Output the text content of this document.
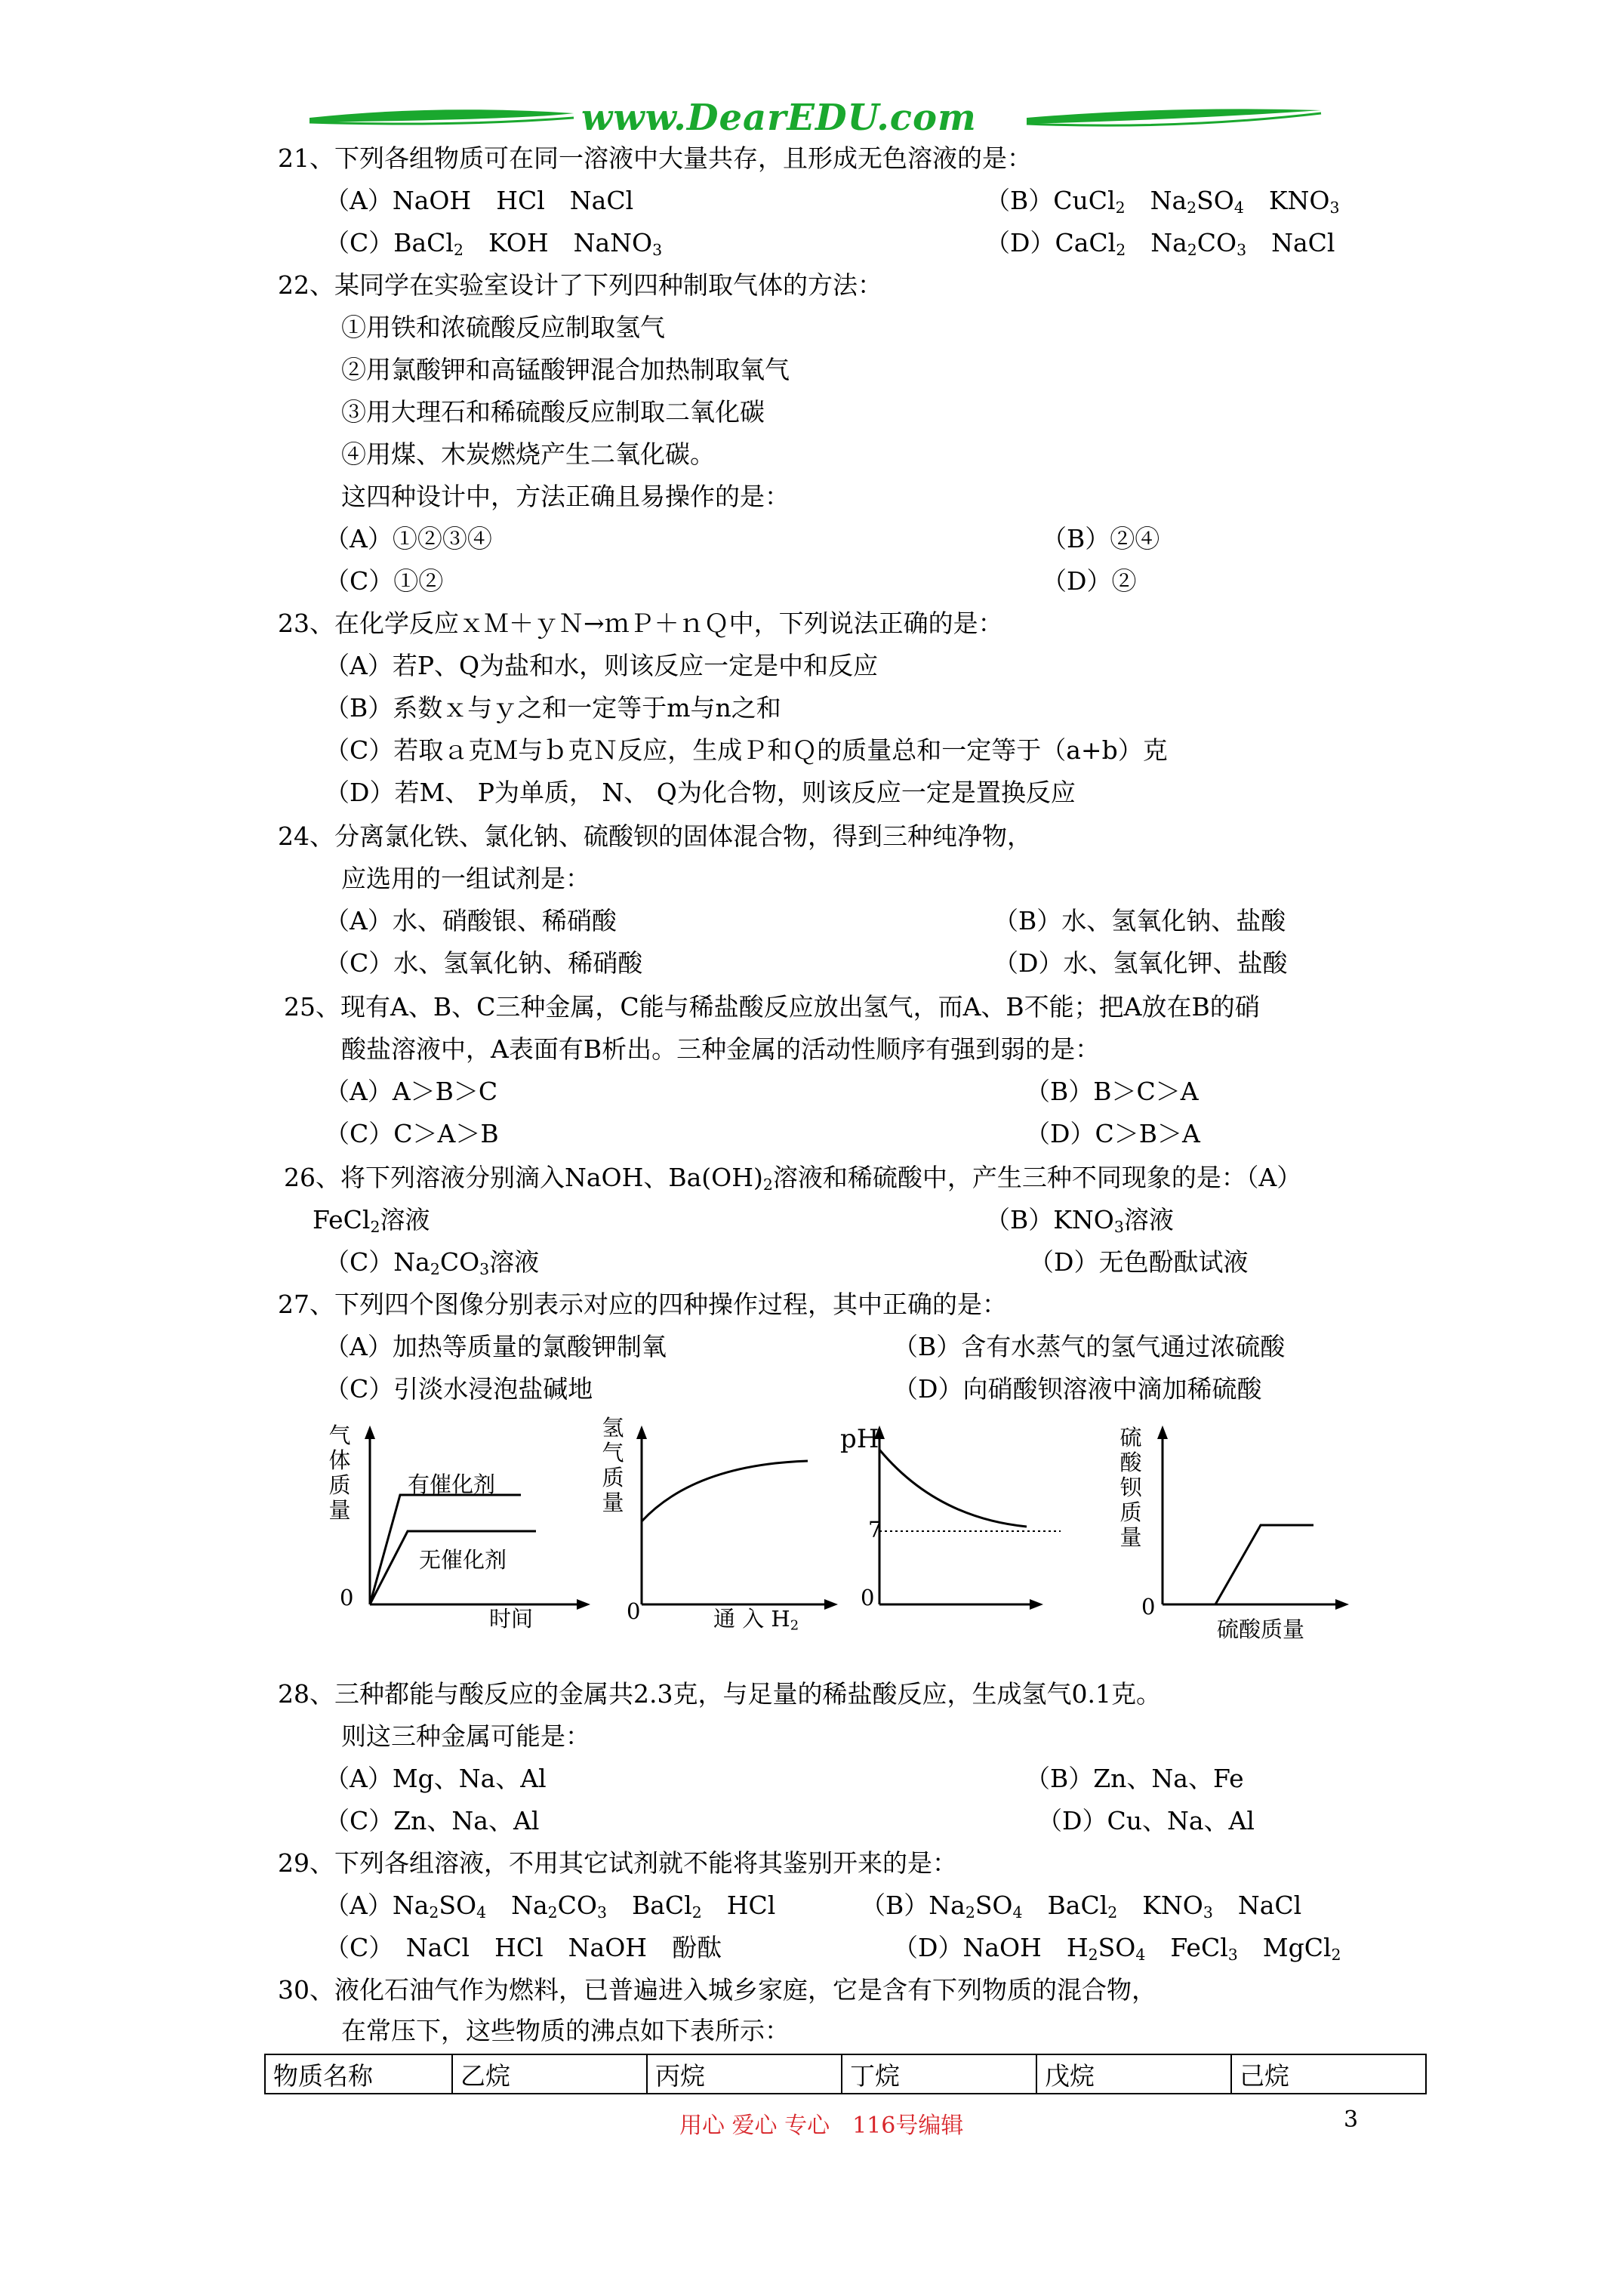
www.DearEDU.com
21、下列各组物质可在同一溶液中大量共存，且形成无色溶液的是：
（A）NaOH　HCl　NaCl	（B）CuCl$_2$　$Na_2SO_4$　$KNO_3$
（C）BaCl$_2$　KOH　NaNO$_3$	（D）CaCl$_2$　$Na_2CO_3$　NaCl
22、某同学在实验室设计了下列四种制取气体的方法：
①用铁和浓硫酸反应制取氢气
②用氯酸钾和高锰酸钾混合加热制取氧气
③用大理石和稀硫酸反应制取二氧化碳
④用煤、木炭燃烧产生二氧化碳。
这四种设计中，方法正确且易操作的是：
（A）①②③④	（B）②④
（C）①②	（D）②
23、在化学反应ｘＭ＋ｙＮ→ｍＰ＋ｎＱ中，下列说法正确的是：
（A）若P、Q为盐和水，则该反应一定是中和反应
（B）系数ｘ与ｙ之和一定等于m与n之和
（C）若取ａ克Ｍ与ｂ克Ｎ反应，生成Ｐ和Ｑ的质量总和一定等于（a+b）克
（D）若M、 P为单质， N、 Q为化合物，则该反应一定是置换反应
24、分离氯化铁、氯化钠、硫酸钡的固体混合物，得到三种纯净物，
应选用的一组试剂是：
（A）水、硝酸银、稀硝酸	（B）水、氢氧化钠、盐酸
（C）水、氢氧化钠、稀硝酸	（D）水、氢氧化钾、盐酸
25、现有A、B、C三种金属，C能与稀盐酸反应放出氢气，而A、B不能；把A放在B的硝
酸盐溶液中，A表面有B析出。三种金属的活动性顺序有强到弱的是：
（A）A＞B＞C	（B）B＞C＞A
（C）C＞A＞B	（D）C＞B＞A
26、将下列溶液分别滴入NaOH、$Ba(OH)_2$溶液和稀硫酸中，产生三种不同现象的是：（A）
FeCl$_2$溶液	$(B)KNO_3$溶液
$(C)Na_2CO_3$溶液	（D）无色酚酞试液
27、下列四个图像分别表示对应的四种操作过程，其中正确的是：
（A）加热等质量的氯酸钾制氧	（B）含有水蒸气的氢气通过浓硫酸
（C）引淡水浸泡盐碱地	（D）向硝酸钡溶液中滴加稀硫酸
气
体
质
量
有催化剂
无催化剂
0
时间
氢
气
质
量
0	通 入 $H_2$
pH
7
0
硫
酸
钡
质
量
0
硫酸质量
28、三种都能与酸反应的金属共2.3克，与足量的稀盐酸反应，生成氢气0.1克。
则这三种金属可能是：
（A）Mg、Na、Al	（B）Zn、Na、Fe
（C）Zn、Na、Al	（D）Cu、Na、Al
29、下列各组溶液，不用其它试剂就不能将其鉴别开来的是：
$(A)Na_2SO_4$　$Na_2CO_3$　BaCl$_2$　HCl	$(B)Na_2SO_4$　BaCl$_2$　$KNO_3$　NaCl
（C）　NaCl　HCl　NaOH　酚酞	（D）NaOH　$H_2SO_4$　FeCl$_3$　MgCl$_2$
30、液化石油气作为燃料，已普遍进入城乡家庭，它是含有下列物质的混合物，
在常压下，这些物质的沸点如下表所示：
物质名称	乙烷	丙烷	丁烷	戊烷	己烷
用心 爱心 专心　116号编辑	3
